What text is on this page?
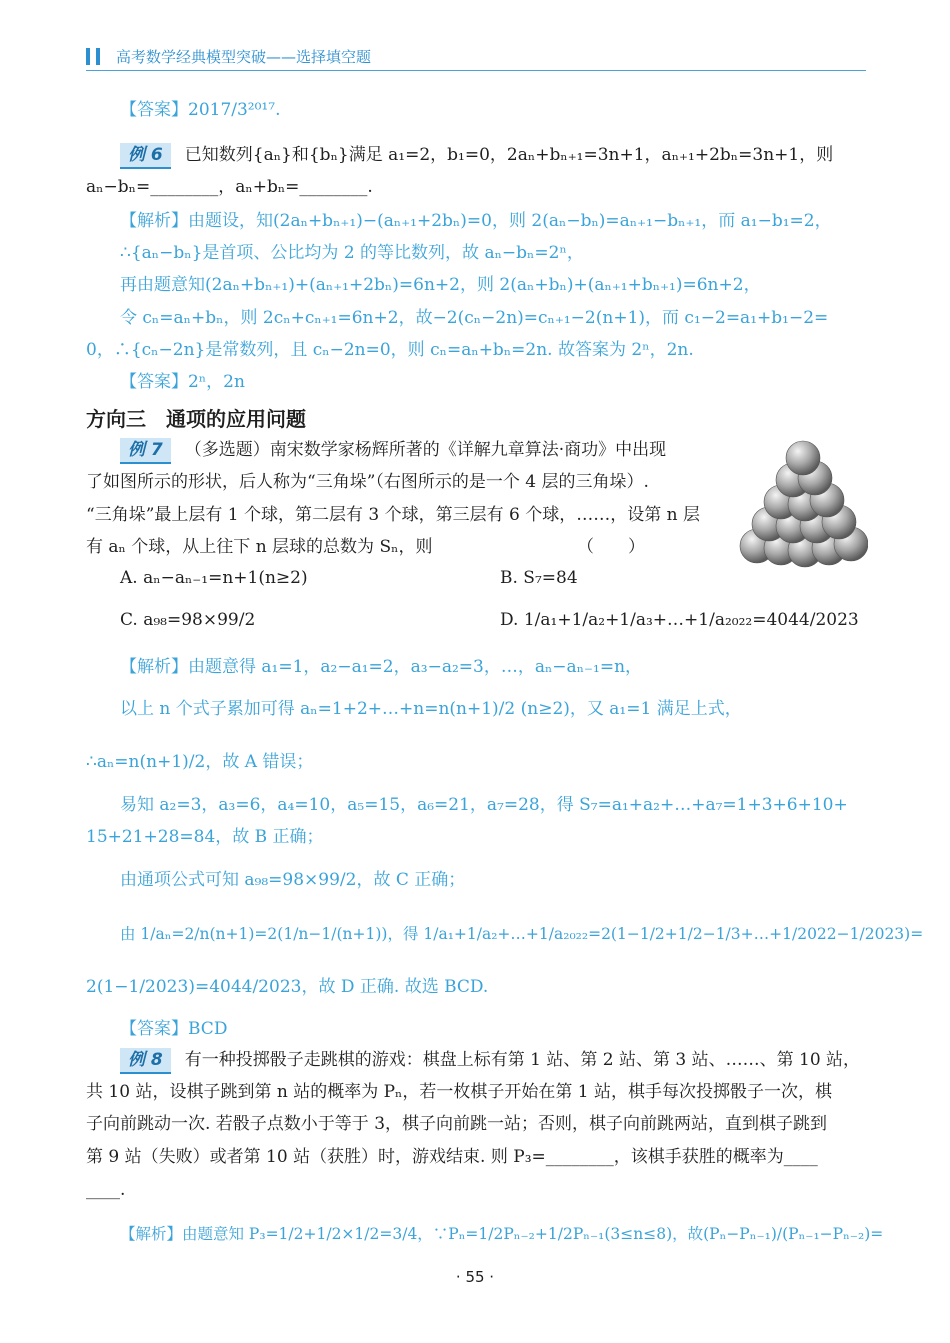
高考数学经典模型突破——选择填空题
【答案】2017/3²⁰¹⁷.
例 6 已知数列{aₙ}和{bₙ}满足 a₁=2，b₁=0，2aₙ+bₙ₊₁=3n+1，aₙ₊₁+2bₙ=3n+1，则
aₙ−bₙ=________，aₙ+bₙ=________.
【解析】由题设，知(2aₙ+bₙ₊₁)−(aₙ₊₁+2bₙ)=0，则 2(aₙ−bₙ)=aₙ₊₁−bₙ₊₁，而 a₁−b₁=2，
∴{aₙ−bₙ}是首项、公比均为 2 的等比数列，故 aₙ−bₙ=2ⁿ，
再由题意知(2aₙ+bₙ₊₁)+(aₙ₊₁+2bₙ)=6n+2，则 2(aₙ+bₙ)+(aₙ₊₁+bₙ₊₁)=6n+2，
令 cₙ=aₙ+bₙ，则 2cₙ+cₙ₊₁=6n+2，故−2(cₙ−2n)=cₙ₊₁−2(n+1)，而 c₁−2=a₁+b₁−2=
0，∴{cₙ−2n}是常数列，且 cₙ−2n=0，则 cₙ=aₙ+bₙ=2n. 故答案为 2ⁿ，2n.
【答案】2ⁿ，2n
方向三　通项的应用问题
例 7 （多选题）南宋数学家杨辉所著的《详解九章算法·商功》中出现
了如图所示的形状，后人称为“三角垛”（右图所示的是一个 4 层的三角垛）.
“三角垛”最上层有 1 个球，第二层有 3 个球，第三层有 6 个球，……，设第 n 层
有 aₙ 个球，从上往下 n 层球的总数为 Sₙ，则　　　　　　　　　（　　）
A. aₙ−aₙ₋₁=n+1(n≥2)	B. S₇=84
C. a₉₈=98×99/2	D. 1/a₁+1/a₂+1/a₃+…+1/a₂₀₂₂=4044/2023
【解析】由题意得 a₁=1，a₂−a₁=2，a₃−a₂=3，…，aₙ−aₙ₋₁=n，
以上 n 个式子累加可得 aₙ=1+2+…+n=n(n+1)/2 (n≥2)，又 a₁=1 满足上式，
∴aₙ=n(n+1)/2，故 A 错误；
易知 a₂=3，a₃=6，a₄=10，a₅=15，a₆=21，a₇=28，得 S₇=a₁+a₂+…+a₇=1+3+6+10+
15+21+28=84，故 B 正确；
由通项公式可知 a₉₈=98×99/2，故 C 正确；
由 1/aₙ=2/n(n+1)=2(1/n−1/(n+1))，得 1/a₁+1/a₂+…+1/a₂₀₂₂=2(1−1/2+1/2−1/3+…+1/2022−1/2023)=
2(1−1/2023)=4044/2023，故 D 正确. 故选 BCD.
【答案】BCD
例 8 有一种投掷骰子走跳棋的游戏：棋盘上标有第 1 站、第 2 站、第 3 站、……、第 10 站，
共 10 站，设棋子跳到第 n 站的概率为 Pₙ，若一枚棋子开始在第 1 站，棋手每次投掷骰子一次，棋
子向前跳动一次. 若骰子点数小于等于 3，棋子向前跳一站；否则，棋子向前跳两站，直到棋子跳到
第 9 站（失败）或者第 10 站（获胜）时，游戏结束. 则 P₃=________，该棋手获胜的概率为____
____.
【解析】由题意知 P₃=1/2+1/2×1/2=3/4，∵Pₙ=1/2Pₙ₋₂+1/2Pₙ₋₁(3≤n≤8)，故(Pₙ−Pₙ₋₁)/(Pₙ₋₁−Pₙ₋₂)=
· 55 ·
